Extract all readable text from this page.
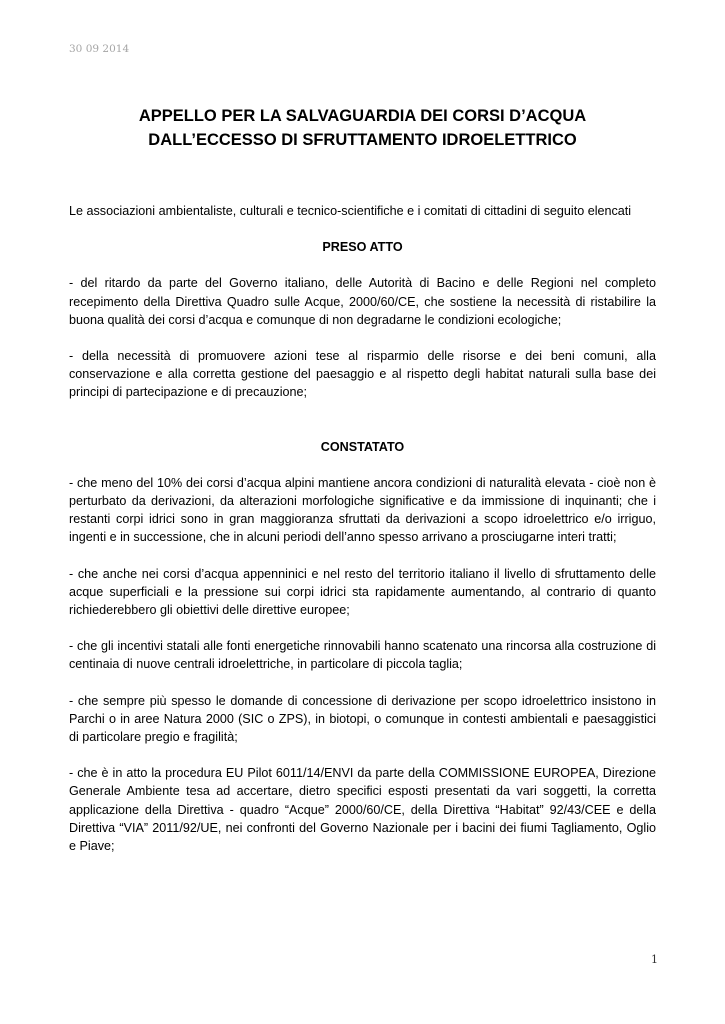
30 09 2014
APPELLO PER LA SALVAGUARDIA DEI CORSI D’ACQUA
DALL’ECCESSO DI SFRUTTAMENTO IDROELETTRICO

Le associazioni ambientaliste, culturali e tecnico-scientifiche e i comitati di cittadini di seguito elencati

PRESO ATTO

- del ritardo da parte del Governo italiano, delle Autorità di Bacino e delle Regioni nel completo recepimento della Direttiva Quadro sulle Acque, 2000/60/CE, che sostiene la necessità di ristabilire la buona qualità dei corsi d’acqua e comunque di non degradarne le condizioni ecologiche;

- della necessità di promuovere azioni tese al risparmio delle risorse e dei beni comuni, alla conservazione e alla corretta gestione del paesaggio e al rispetto degli habitat naturali sulla base dei principi di partecipazione e di precauzione;

CONSTATATO

- che meno del 10% dei corsi d’acqua alpini mantiene ancora condizioni di naturalità elevata - cioè non è perturbato da derivazioni, da alterazioni morfologiche significative e da immissione di inquinanti; che i restanti corpi idrici sono in gran maggioranza sfruttati da derivazioni a scopo idroelettrico e/o irriguo, ingenti e in successione, che in alcuni periodi dell’anno spesso arrivano a prosciugarne interi tratti;

- che anche nei corsi d’acqua appenninici e nel resto del territorio italiano il livello di sfruttamento delle acque superficiali e la pressione sui corpi idrici sta rapidamente aumentando, al contrario di quanto richiederebbero gli obiettivi delle direttive europee;

- che gli incentivi statali alle fonti energetiche rinnovabili hanno scatenato una rincorsa alla costruzione di centinaia di nuove centrali idroelettriche, in particolare di piccola taglia;

- che sempre più spesso le domande di concessione di derivazione per scopo idroelettrico insistono in Parchi o in aree Natura 2000 (SIC o ZPS), in biotopi, o comunque in contesti ambientali e paesaggistici di particolare pregio e fragilità;

- che è in atto la procedura EU Pilot 6011/14/ENVI da parte della COMMISSIONE EUROPEA, Direzione Generale Ambiente tesa ad accertare, dietro specifici esposti presentati da vari soggetti, la corretta applicazione della Direttiva - quadro “Acque” 2000/60/CE, della Direttiva “Habitat” 92/43/CEE e della Direttiva “VIA” 2011/92/UE, nei confronti del Governo Nazionale per i bacini dei fiumi Tagliamento, Oglio e Piave;

1
